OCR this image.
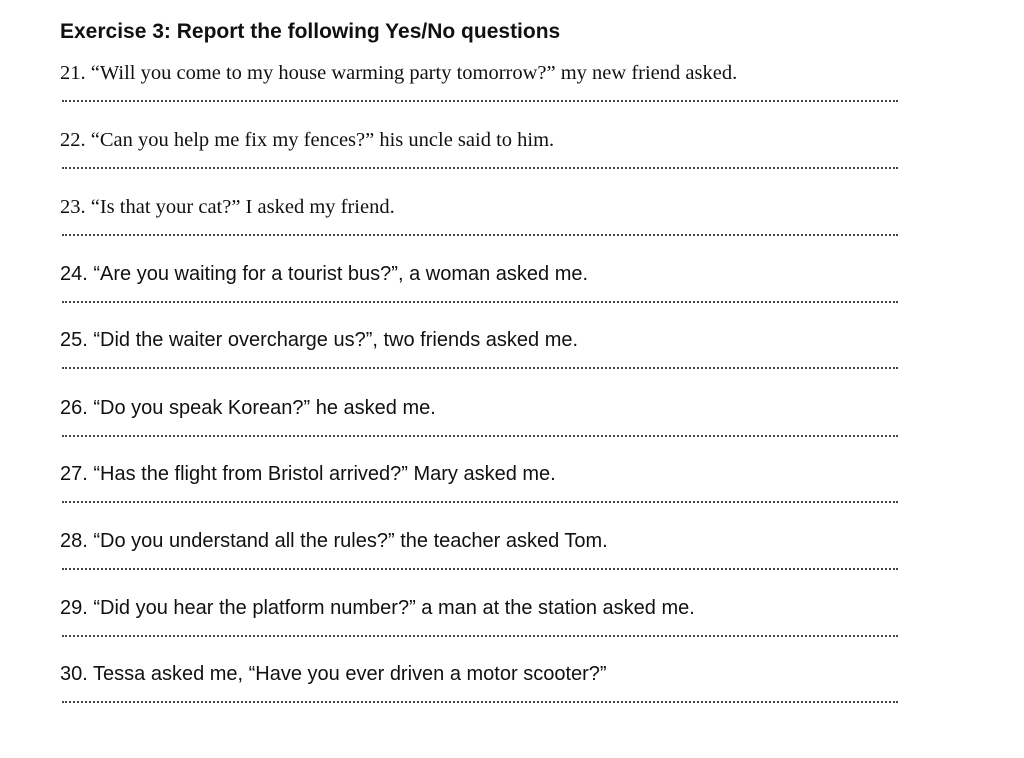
Exercise 3: Report the following Yes/No questions
21. “Will you come to my house warming party tomorrow?” my new friend asked.
22. “Can you help me fix my fences?” his uncle said to him.
23. “Is that your cat?” I asked my friend.
24. “Are you waiting for a tourist bus?”, a woman asked me.
25. “Did the waiter overcharge us?”, two friends asked me.
26. “Do you speak Korean?” he asked me.
27. “Has the flight from Bristol arrived?” Mary asked me.
28. “Do you understand all the rules?” the teacher asked Tom.
29. “Did you hear the platform number?” a man at the station asked me.
30. Tessa asked me, “Have you ever driven a motor scooter?”
